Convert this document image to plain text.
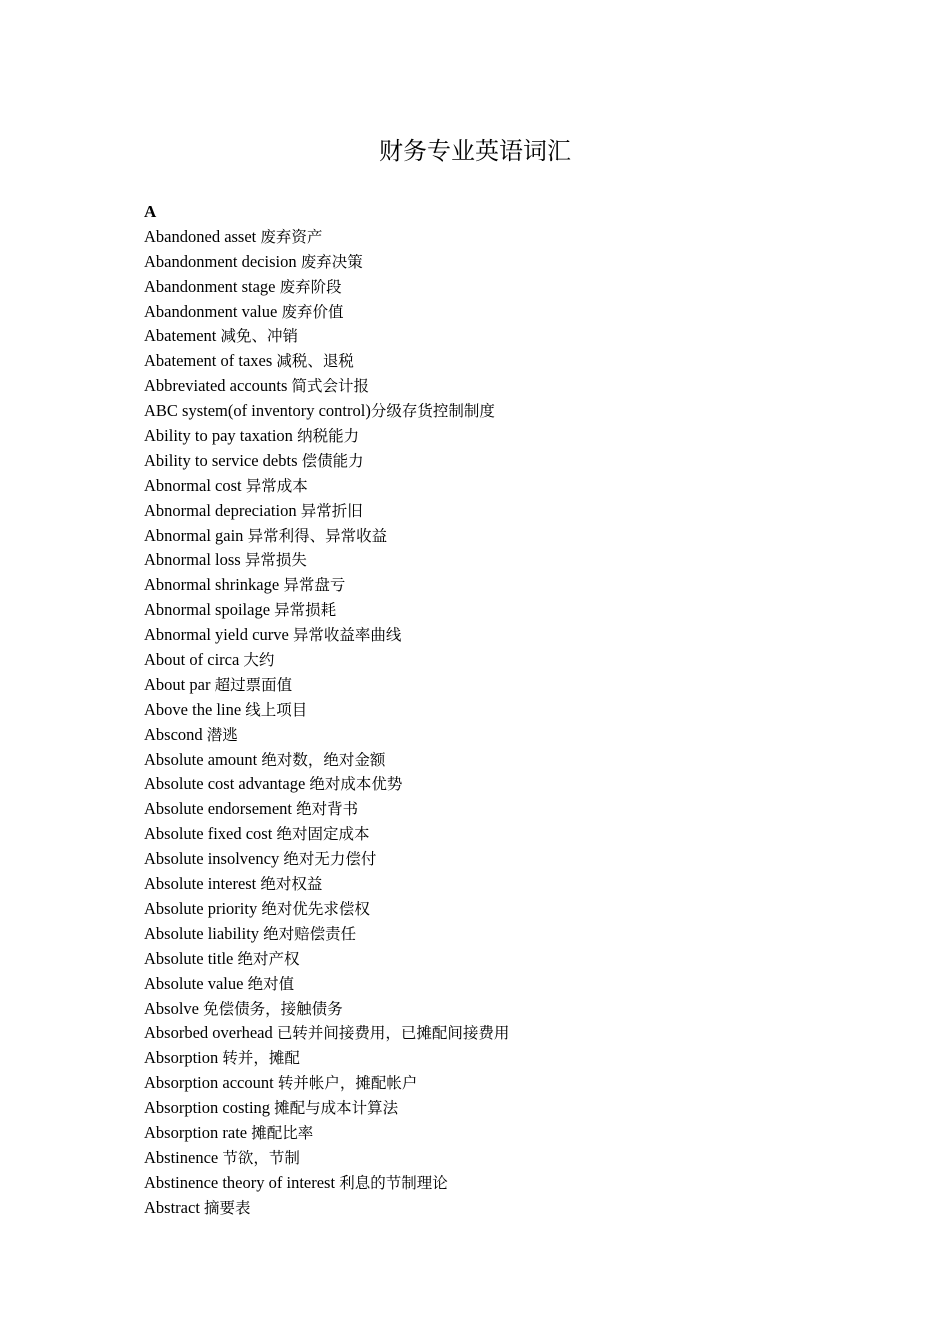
财务专业英语词汇
A
Abandoned asset 废弃资产
Abandonment decision 废弃决策
Abandonment stage 废弃阶段
Abandonment value 废弃价值
Abatement 减免、冲销
Abatement of taxes 减税、退税
Abbreviated accounts 简式会计报
ABC system(of inventory control)分级存货控制制度
Ability to pay taxation 纳税能力
Ability to service debts 偿债能力
Abnormal cost 异常成本
Abnormal depreciation 异常折旧
Abnormal gain 异常利得、异常收益
Abnormal loss 异常损失
Abnormal shrinkage 异常盘亏
Abnormal spoilage 异常损耗
Abnormal yield curve 异常收益率曲线
About of circa 大约
About par 超过票面值
Above the line 线上项目
Abscond 潜逃
Absolute amount 绝对数，绝对金额
Absolute cost advantage 绝对成本优势
Absolute endorsement 绝对背书
Absolute fixed cost 绝对固定成本
Absolute insolvency 绝对无力偿付
Absolute interest 绝对权益
Absolute priority 绝对优先求偿权
Absolute liability 绝对赔偿责任
Absolute title 绝对产权
Absolute value 绝对值
Absolve 免偿债务，接触债务
Absorbed overhead 已转并间接费用，已摊配间接费用
Absorption 转并，摊配
Absorption account 转并帐户，摊配帐户
Absorption costing 摊配与成本计算法
Absorption rate 摊配比率
Abstinence 节欲，节制
Abstinence theory of interest 利息的节制理论
Abstract 摘要表
